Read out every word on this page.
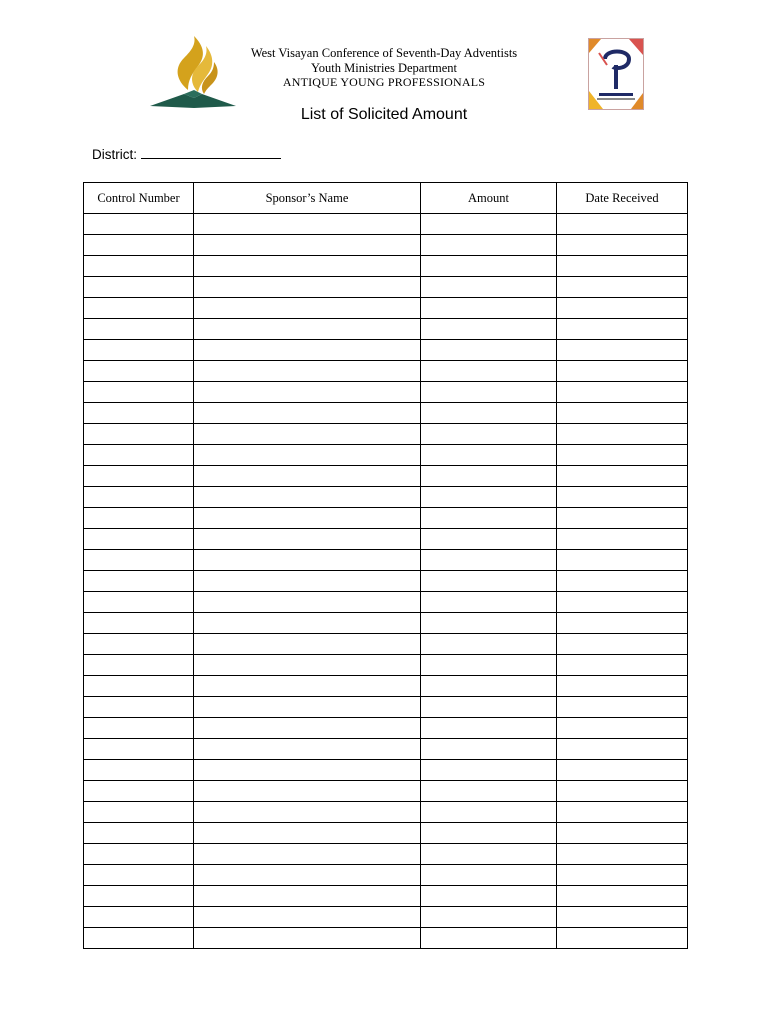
West Visayan Conference of Seventh-Day Adventists
Youth Ministries Department
ANTIQUE YOUNG PROFESSIONALS
List of Solicited Amount
District:
Control Number	Sponsor’s Name	Amount	Date Received
